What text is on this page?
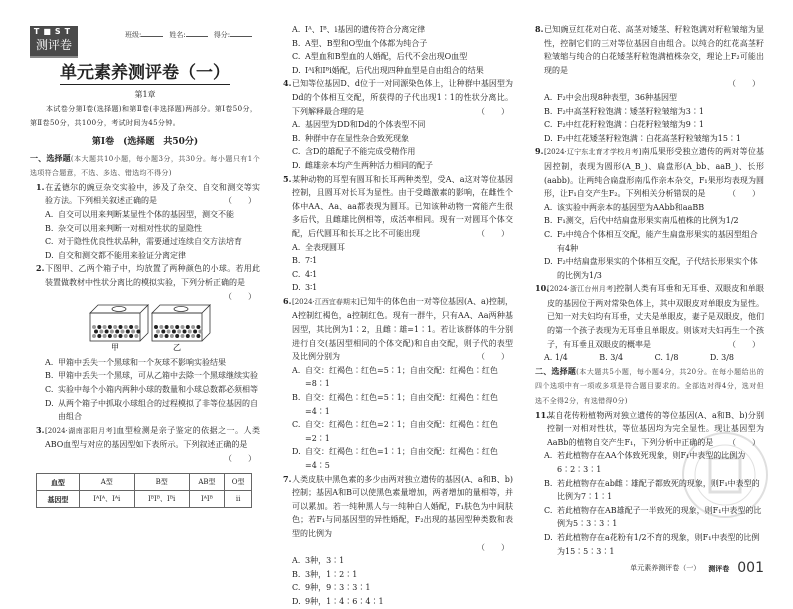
T■ST
测评卷
班级:	姓名:	得分:
单元素养测评卷（一）
第1章
本试卷分第Ⅰ卷(选择题)和第Ⅱ卷(非选择题)两部分。第Ⅰ卷50分，第Ⅱ卷50分，共100分，考试时间为45分钟。
第Ⅰ卷　(选择题　共50分)
一、选择题(本大题共10小题，每小题3分，共30分。每小题只有1个选项符合题意，不选、多选、错选均不得分)
1.在孟德尔的豌豆杂交实验中，涉及了杂交、自交和测交等实验方法。下列相关叙述正确的是	（　　）
A. 自交可以用来判断某显性个体的基因型，测交不能
B. 杂交可以用来判断一对相对性状的显隐性
C. 对于隐性优良性状品种，需要通过连续自交方法培育
D. 自交和测交都不能用来验证分离定律
2.下图甲、乙两个箱子中，均放置了两种颜色的小球。若用此装置做教材中性状分离比的模拟实验，下列分析正确的是
（　　）
甲	乙
A. 甲箱中丢失一个黑球和一个灰球不影响实验结果
B. 甲箱中丢失一个黑球，可从乙箱中去除一个黑球继续实验
C. 实验中每个小箱内两种小球的数量和小球总数都必须相等
D. 从两个箱子中抓取小球组合的过程模拟了非等位基因的自由组合
3.[2024·湖南邵阳月考]血型检测是亲子鉴定的依据之一。人类ABO血型与对应的基因型如下表所示。下列叙述正确的是
（　　）
血型	A型	B型	AB型	O型
基因型	IᴬIᴬ、Iᴬi	IᴮIᴮ、Iᴮi	IᴬIᴮ	ii
A. Iᴬ、Iᴮ、i基因的遗传符合分离定律
B. A型、B型和O型血个体都为纯合子
C. A型血和B型血的人婚配，后代不会出现O血型
D. Iᴬi和Iᴮi婚配，后代出现四种血型是自由组合的结果
4.已知等位基因D、d位于一对同源染色体上，让种群中基因型为Dd的个体相互交配，所获得的子代出现1∶1的性状分离比。下列解释最合理的是	（　　）
A. 基因型为DD和Dd的个体表型不同
B. 种群中存在显性杂合致死现象
C. 含D的雄配子不能完成受精作用
D. 雌雄亲本均产生两种活力相同的配子
5.某种动物的耳型有圆耳和长耳两种类型，受A、a这对等位基因控制，且圆耳对长耳为显性。由于受雌激素的影响，在雌性个体中AA、Aa、aa都表现为圆耳。已知该种动物一窝能产生很多后代，且雌雄比例相等，成活率相同。现有一对圆耳个体交配，后代圆耳和长耳之比不可能出现	（　　）
A. 全表现圆耳
B. 7∶1
C. 4∶1
D. 3∶1
6.[2024·江西宜春期末]已知牛的体色由一对等位基因(A、a)控制，A控制红褐色，a控制红色。现有一群牛，只有AA、Aa两种基因型，其比例为1∶2，且雌∶雄=1∶1。若让该群体的牛分别进行自交(基因型相同的个体交配)和自由交配，则子代的表型及比例分别为	（　　）
A. 自交：红褐色∶红色=5∶1；自由交配：红褐色∶红色=8∶1
B. 自交：红褐色∶红色=5∶1；自由交配：红褐色∶红色=4∶1
C. 自交：红褐色∶红色=2∶1；自由交配：红褐色∶红色=2∶1
D. 自交：红褐色∶红色=1∶1；自由交配：红褐色∶红色=4∶5
7.人类皮肤中黑色素的多少由两对独立遗传的基因(A、a和B、b)控制；基因A和B可以使黑色素量增加，两者增加的量相等，并可以累加。若一纯种黑人与一纯种白人婚配，F₁肤色为中间肤色；若F₁与同基因型的异性婚配，F₂出现的基因型种类数和表型的比例为
（　　）
A. 3种，3∶1
B. 3种，1∶2∶1
C. 9种，9∶3∶3∶1
D. 9种，1∶4∶6∶4∶1
8.已知豌豆红花对白花、高茎对矮茎、籽粒饱满对籽粒皱缩为显性，控制它们的三对等位基因自由组合。以纯合的红花高茎籽粒皱缩与纯合的白花矮茎籽粒饱满植株杂交，理论上F₂可能出现的是
（　　）
A. F₂中会出现8种表型，36种基因型
B. F₂中高茎籽粒饱满∶矮茎籽粒皱缩为3∶1
C. F₂中红花籽粒饱满∶白花籽粒皱缩为9∶1
D. F₂中红花矮茎籽粒饱满∶白花高茎籽粒皱缩为15∶1
9.[2024·辽宁东北育才学校月考]南瓜果形受独立遗传的两对等位基因控制，表现为圆形(A_B_)、扁盘形(A_bb、aaB_)、长形(aabb)。让两纯合扁盘形南瓜作亲本杂交，F₁果形均表现为圆形，让F₁自交产生F₂。下列相关分析错误的是	（　　）
A. 该实验中两亲本的基因型为AAbb和aaBB
B. F₁测交，后代中结扁盘形果实南瓜植株的比例为1/2
C. F₂中纯合个体相互交配，能产生扁盘形果实的基因型组合有4种
D. F₂中结扁盘形果实的个体相互交配，子代结长形果实个体的比例为1/3
10.[2024·浙江台州月考]控制人类有耳垂和无耳垂、双眼皮和单眼皮的基因位于两对常染色体上，其中双眼皮对单眼皮为显性。已知一对夫妇均有耳垂，丈夫是单眼皮，妻子是双眼皮，他们的第一个孩子表现为无耳垂且单眼皮。则该对夫妇再生一个孩子，有耳垂且双眼皮的概率是	（　　）
A. 1/4	B. 3/4	C. 1/8	D. 3/8
二、选择题(本大题共5小题，每小题4分，共20分。在每小题给出的四个选项中有一项或多项是符合题目要求的。全部选对得4分，选对但选不全得2分，有选错得0分)
11.某自花传粉植物两对独立遗传的等位基因(A、a和B、b)分别控制一对相对性状，等位基因均为完全显性。现让基因型为AaBb的植物自交产生F₁，下列分析中正确的是 （　　）
A. 若此植物存在AA个体致死现象，则F₁中表型的比例为6∶2∶3∶1
B. 若此植物存在ab雌∶雄配子都致死的现象，则F₁中表型的比例为7∶1∶1
C. 若此植物存在AB雄配子一半致死的现象，则F₁中表型的比例为5∶3∶3∶1
D. 若此植物存在a花粉有1/2不育的现象，则F₁中表型的比例为15∶5∶3∶1
单元素养测评卷（一） 测评卷 001
